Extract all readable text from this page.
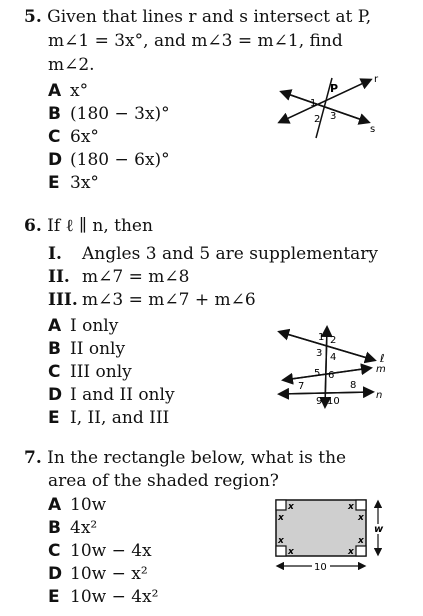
5. Given that lines r and s intersect at P,
m∠1 = 3x°, and m∠3 = m∠1, find
m∠2.
A x°
B (180 − 3x)°
C 6x°
D (180 − 6x)°
E 3x°
P
r
s
1
2 3
6. If ℓ ∥ n, then
I. Angles 3 and 5 are supplementary
II. m∠7 = m∠8
III. m∠3 = m∠7 + m∠6
A I only
B II only
C III only
D I and II only
E I, II, and III
ℓ
m
n
1 2
3 4
5 6
7	8
9 10
7. In the rectangle below, what is the
area of the shaded region?
A 10w
B 4x²
C 10w − 4x
D 10w − x²
E 10w − 4x²
x
x	x
x
x
x	x
x
w
10
